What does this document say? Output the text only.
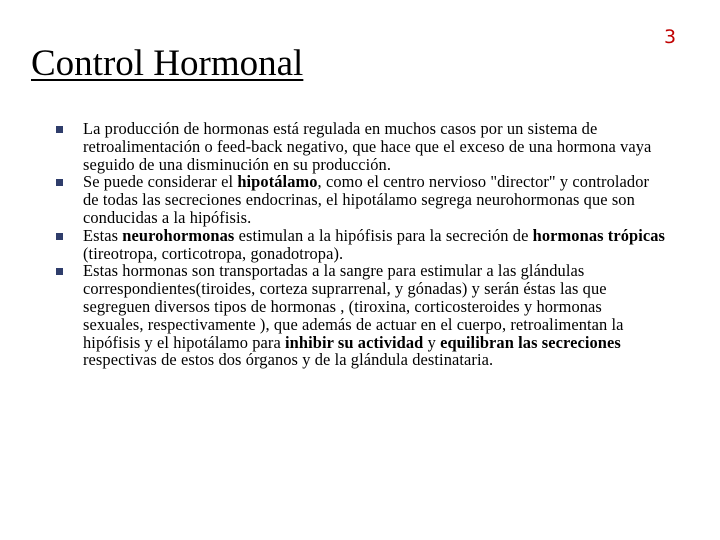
3
Control Hormonal
La producción de hormonas está regulada en muchos casos por un sistema de retroalimentación o feed-back negativo, que hace que el exceso de una hormona vaya seguido de una disminución en su producción.
Se puede considerar el hipotálamo, como el centro nervioso "director" y controlador de todas las secreciones endocrinas, el hipotálamo segrega neurohormonas que son conducidas a la hipófisis.
Estas neurohormonas estimulan a la hipófisis para la secreción de hormonas trópicas (tireotropa, corticotropa, gonadotropa).
Estas hormonas son transportadas a la sangre para estimular a las glándulas correspondientes(tiroides, corteza suprarrenal, y gónadas) y serán éstas las que segreguen diversos tipos de hormonas , (tiroxina, corticosteroides y hormonas sexuales, respectivamente ), que además de actuar en el cuerpo, retroalimentan la hipófisis y el hipotálamo para inhibir su actividad y equilibran las secreciones respectivas de estos dos órganos y de la glándula destinataria.
